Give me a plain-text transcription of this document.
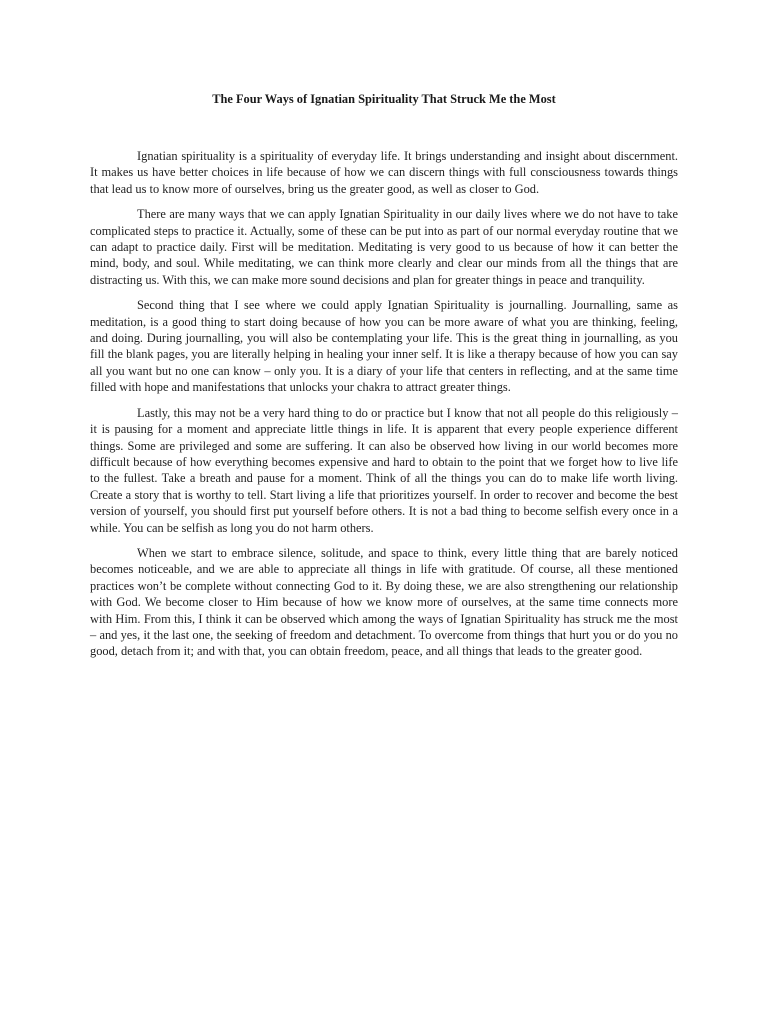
The Four Ways of Ignatian Spirituality That Struck Me the Most

Ignatian spirituality is a spirituality of everyday life. It brings understanding and insight about discernment. It makes us have better choices in life because of how we can discern things with full consciousness towards things that lead us to know more of ourselves, bring us the greater good, as well as closer to God.

There are many ways that we can apply Ignatian Spirituality in our daily lives where we do not have to take complicated steps to practice it. Actually, some of these can be put into as part of our normal everyday routine that we can adapt to practice daily. First will be meditation. Meditating is very good to us because of how it can better the mind, body, and soul. While meditating, we can think more clearly and clear our minds from all the things that are distracting us. With this, we can make more sound decisions and plan for greater things in peace and tranquility.

Second thing that I see where we could apply Ignatian Spirituality is journalling. Journalling, same as meditation, is a good thing to start doing because of how you can be more aware of what you are thinking, feeling, and doing. During journalling, you will also be contemplating your life. This is the great thing in journalling, as you fill the blank pages, you are literally helping in healing your inner self. It is like a therapy because of how you can say all you want but no one can know – only you. It is a diary of your life that centers in reflecting, and at the same time filled with hope and manifestations that unlocks your chakra to attract greater things.

Lastly, this may not be a very hard thing to do or practice but I know that not all people do this religiously – it is pausing for a moment and appreciate little things in life. It is apparent that every people experience different things. Some are privileged and some are suffering. It can also be observed how living in our world becomes more difficult because of how everything becomes expensive and hard to obtain to the point that we forget how to live life to the fullest. Take a breath and pause for a moment. Think of all the things you can do to make life worth living. Create a story that is worthy to tell. Start living a life that prioritizes yourself. In order to recover and become the best version of yourself, you should first put yourself before others. It is not a bad thing to become selfish every once in a while. You can be selfish as long you do not harm others.

When we start to embrace silence, solitude, and space to think, every little thing that are barely noticed becomes noticeable, and we are able to appreciate all things in life with gratitude. Of course, all these mentioned practices won’t be complete without connecting God to it. By doing these, we are also strengthening our relationship with God. We become closer to Him because of how we know more of ourselves, at the same time connects more with Him. From this, I think it can be observed which among the ways of Ignatian Spirituality has struck me the most – and yes, it the last one, the seeking of freedom and detachment. To overcome from things that hurt you or do you no good, detach from it; and with that, you can obtain freedom, peace, and all things that leads to the greater good.
